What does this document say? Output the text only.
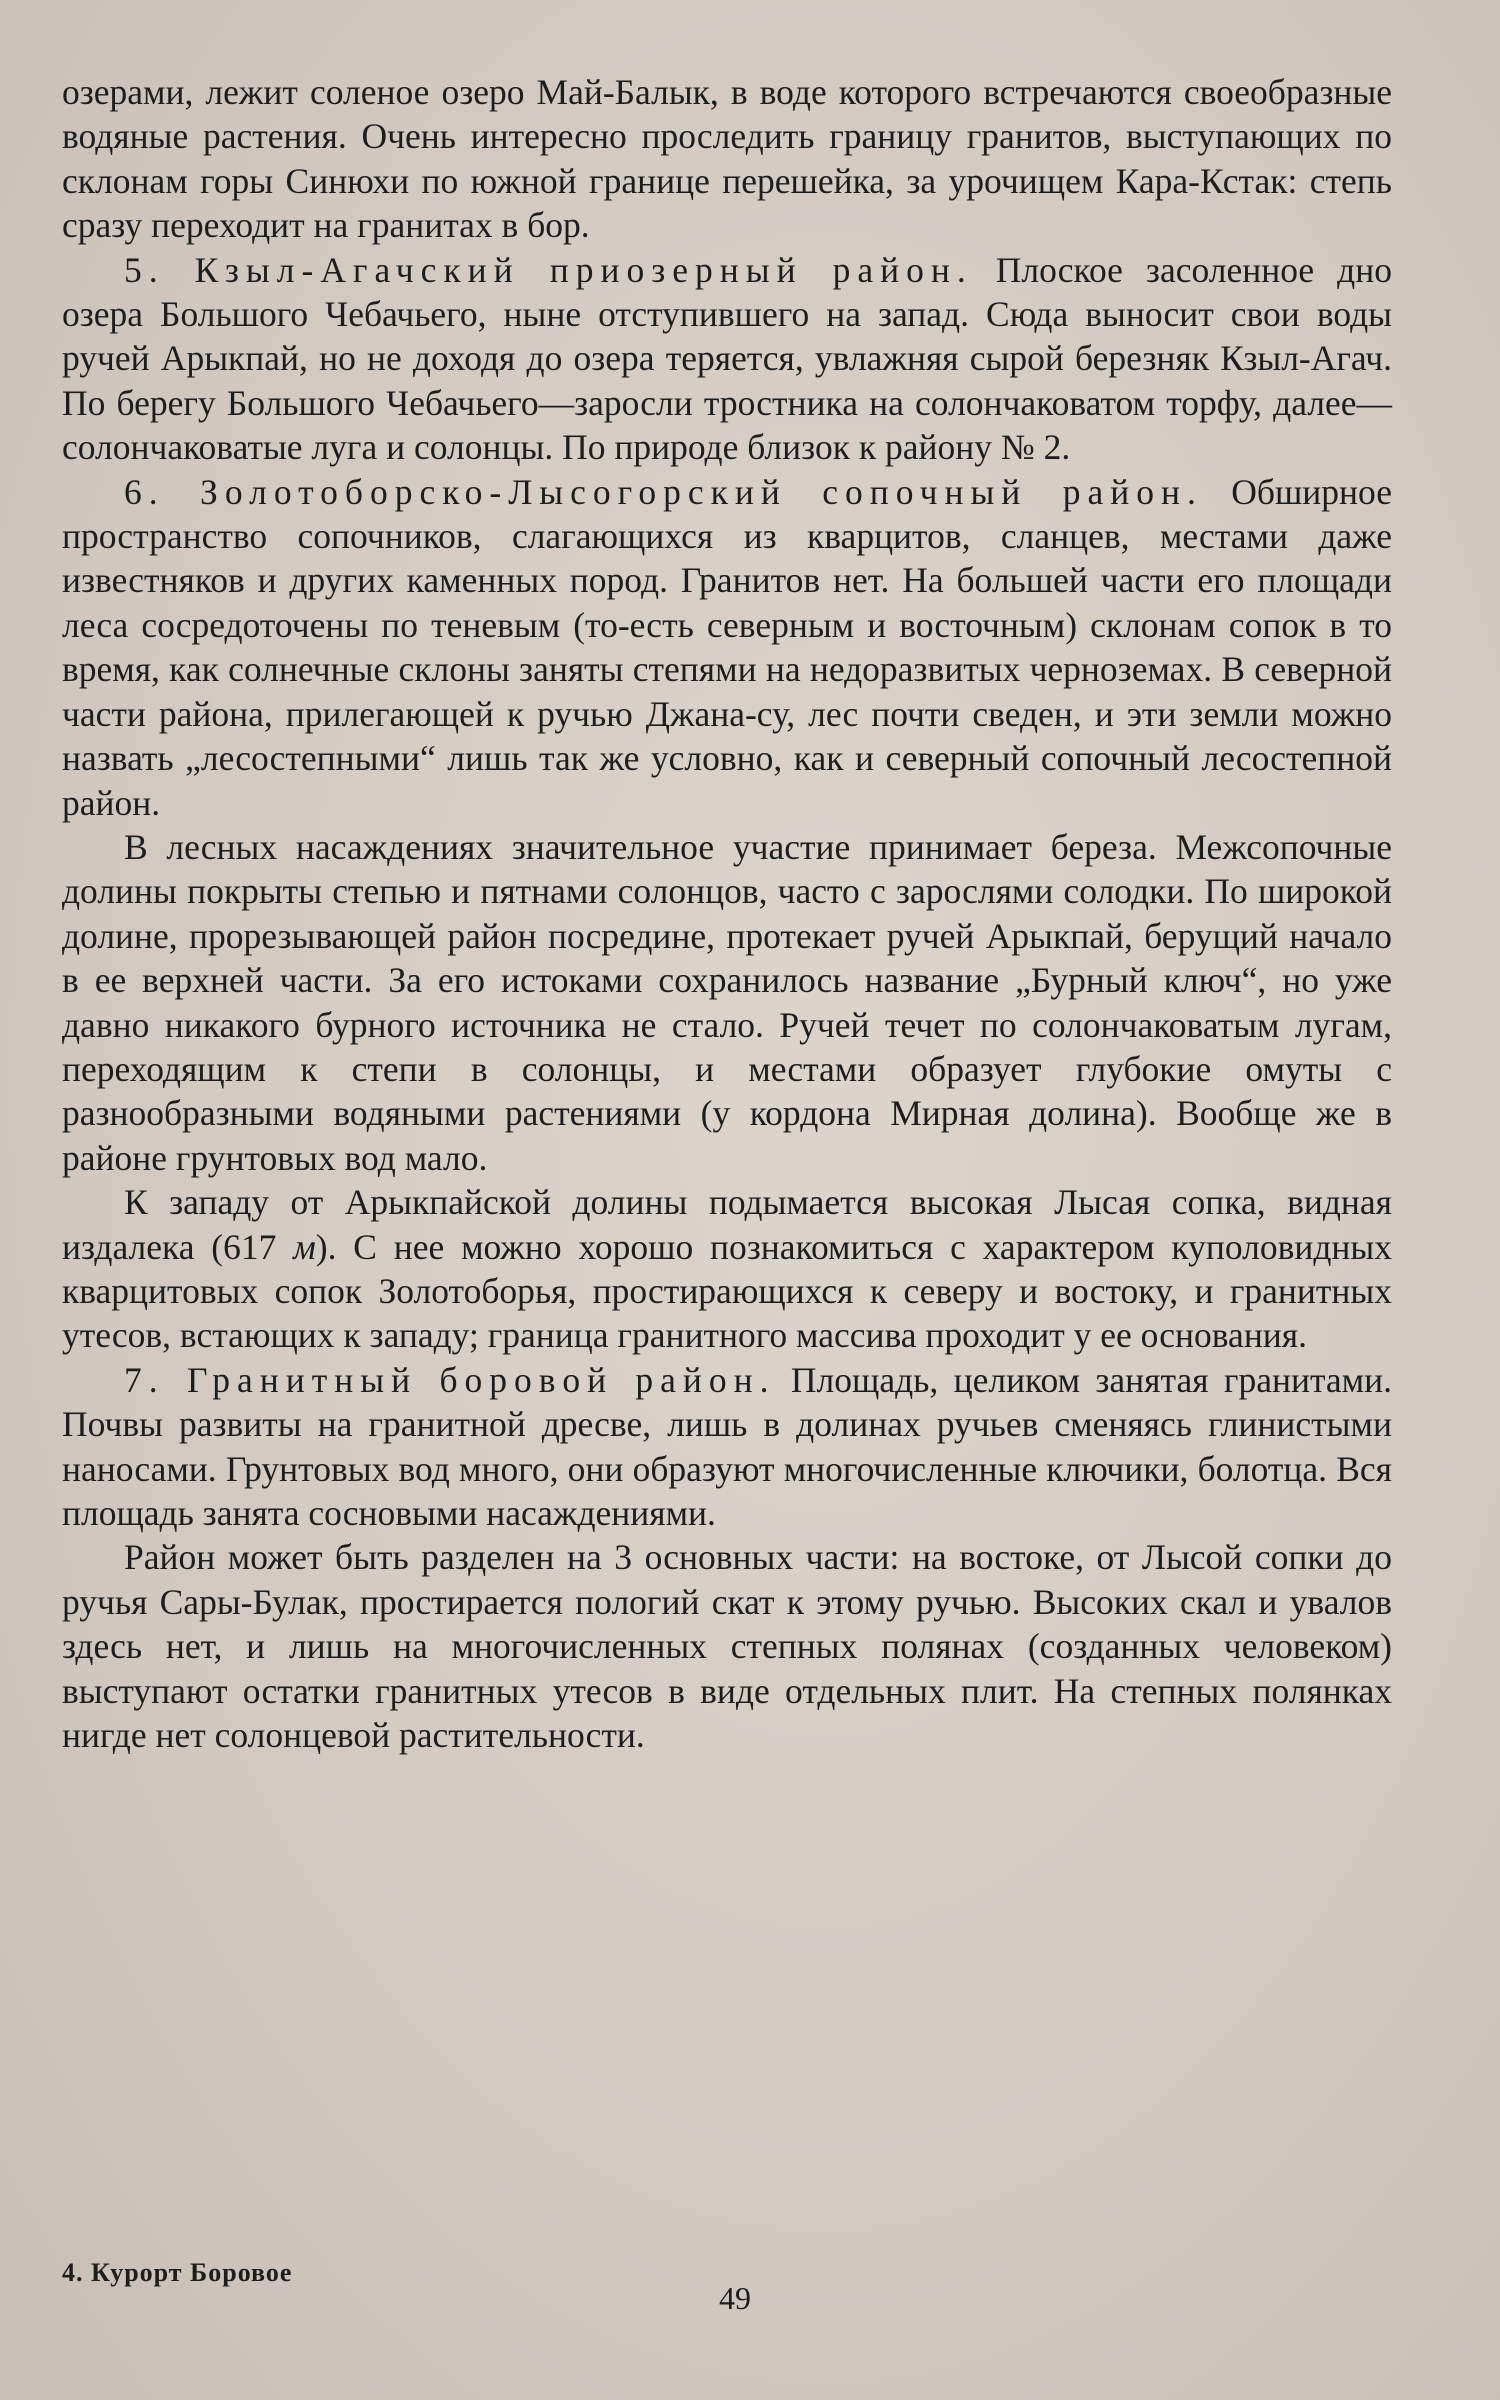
озерами, лежит соленое озеро Май-Балык, в воде которого встречаются своеобразные водяные растения. Очень интересно проследить границу гранитов, выступающих по склонам горы Синюхи по южной границе перешейка, за урочищем Кара-Кстак: степь сразу переходит на гранитах в бор.

5. Кзыл-Агачский приозерный район. Плоское засоленное дно озера Большого Чебачьего, ныне отступившего на запад. Сюда выносит свои воды ручей Арыкпай, но не доходя до озера теряется, увлажняя сырой березняк Кзыл-Агач. По берегу Большого Чебачьего—заросли тростника на солончаковатом торфу, далее—солончаковатые луга и солонцы. По природе близок к району № 2.

6. Золотоборско-Лысогорский сопочный район. Обширное пространство сопочников, слагающихся из кварцитов, сланцев, местами даже известняков и других каменных пород. Гранитов нет. На большей части его площади леса сосредоточены по теневым (то-есть северным и восточным) склонам сопок в то время, как солнечные склоны заняты степями на недоразвитых черноземах. В северной части района, прилегающей к ручью Джана-су, лес почти сведен, и эти земли можно назвать „лесостепными“ лишь так же условно, как и северный сопочный лесостепной район.

В лесных насаждениях значительное участие принимает береза. Межсопочные долины покрыты степью и пятнами солонцов, часто с зарослями солодки. По широкой долине, прорезывающей район посредине, протекает ручей Арыкпай, берущий начало в ее верхней части. За его истоками сохранилось название „Бурный ключ“, но уже давно никакого бурного источника не стало. Ручей течет по солончаковатым лугам, переходящим к степи в солонцы, и местами образует глубокие омуты с разнообразными водяными растениями (у кордона Мирная долина). Вообще же в районе грунтовых вод мало.

К западу от Арыкпайской долины подымается высокая Лысая сопка, видная издалека (617 м). С нее можно хорошо познакомиться с характером куполовидных кварцитовых сопок Золотоборья, простирающихся к северу и востоку, и гранитных утесов, встающих к западу; граница гранитного массива проходит у ее основания.

7. Гранитный боровой район. Площадь, целиком занятая гранитами. Почвы развиты на гранитной дресве, лишь в долинах ручьев сменяясь глинистыми наносами. Грунтовых вод много, они образуют многочисленные ключики, болотца. Вся площадь занята сосновыми насаждениями.

Район может быть разделен на 3 основных части: на востоке, от Лысой сопки до ручья Сары-Булак, простирается пологий скат к этому ручью. Высоких скал и увалов здесь нет, и лишь на многочисленных степных полянах (созданных человеком) выступают остатки гранитных утесов в виде отдельных плит. На степных полянках нигде нет солонцевой растительности.

4. Курорт Боровое
49
